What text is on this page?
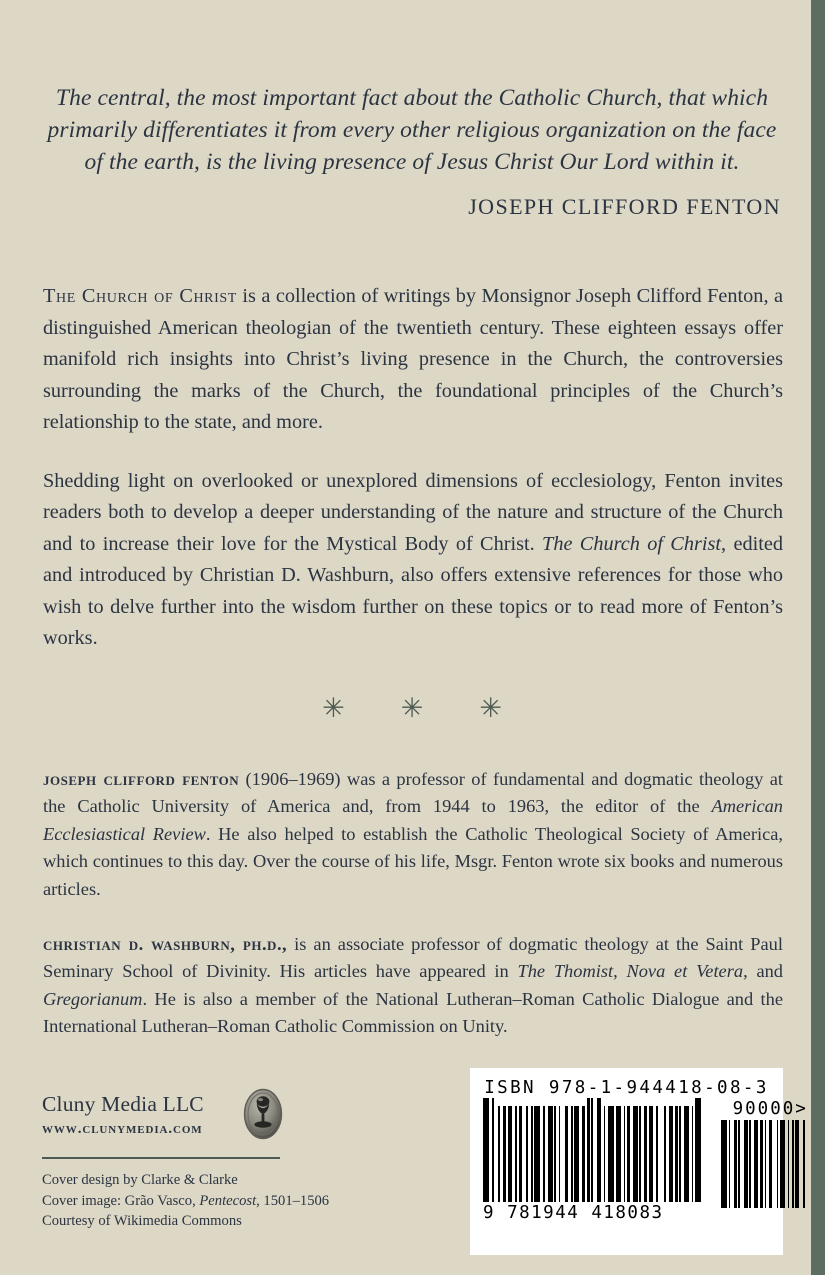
The central, the most important fact about the Catholic Church, that which primarily differentiates it from every other religious organization on the face of the earth, is the living presence of Jesus Christ Our Lord within it.

JOSEPH CLIFFORD FENTON

The Church of Christ is a collection of writings by Monsignor Joseph Clifford Fenton, a distinguished American theologian of the twentieth century. These eighteen essays offer manifold rich insights into Christ’s living presence in the Church, the controversies surrounding the marks of the Church, the foundational principles of the Church’s relationship to the state, and more.

Shedding light on overlooked or unexplored dimensions of ecclesiology, Fenton invites readers both to develop a deeper understanding of the nature and structure of the Church and to increase their love for the Mystical Body of Christ. The Church of Christ, edited and introduced by Christian D. Washburn, also offers extensive references for those who wish to delve further into the wisdom further on these topics or to read more of Fenton’s works.

✳ ✳ ✳

joseph clifford fenton (1906–1969) was a professor of fundamental and dogmatic theology at the Catholic University of America and, from 1944 to 1963, the editor of the American Ecclesiastical Review. He also helped to establish the Catholic Theological Society of America, which continues to this day. Over the course of his life, Msgr. Fenton wrote six books and numerous articles.

christian d. washburn, ph.d., is an associate professor of dogmatic theology at the Saint Paul Seminary School of Divinity. His articles have appeared in The Thomist, Nova et Vetera, and Gregorianum. He is also a member of the National Lutheran–Roman Catholic Dialogue and the International Lutheran–Roman Catholic Commission on Unity.

Cluny Media LLC
www.clunymedia.com
Cover design by Clarke & Clarke
Cover image: Grão Vasco, Pentecost, 1501–1506
Courtesy of Wikimedia Commons
ISBN 978-1-944418-08-3
9 781944 418083
90000>
